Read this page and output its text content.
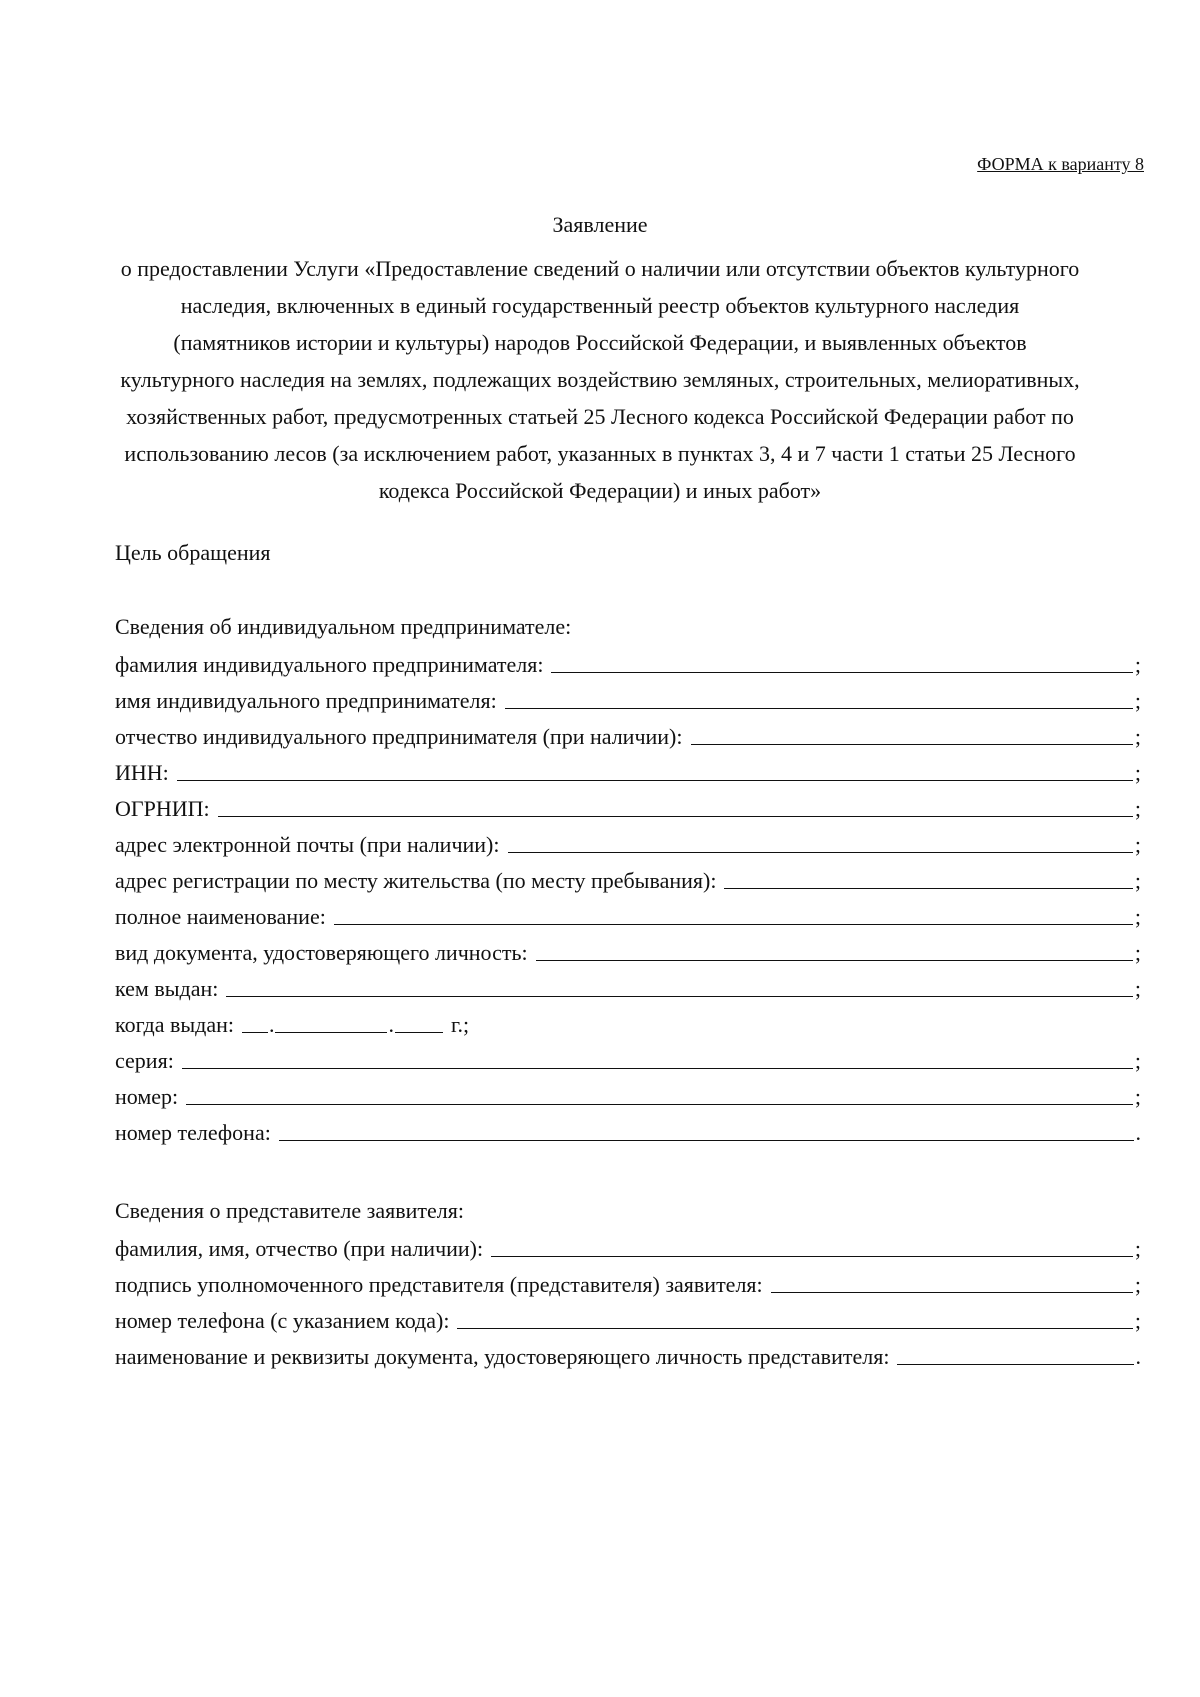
ФОРМА к варианту 8
Заявление

о предоставлении Услуги «Предоставление сведений о наличии или отсутствии объектов культурного наследия, включенных в единый государственный реестр объектов культурного наследия (памятников истории и культуры) народов Российской Федерации, и выявленных объектов культурного наследия на землях, подлежащих воздействию земляных, строительных, мелиоративных, хозяйственных работ, предусмотренных статьей 25 Лесного кодекса Российской Федерации работ по использованию лесов (за исключением работ, указанных в пунктах 3, 4 и 7 части 1 статьи 25 Лесного кодекса Российской Федерации) и иных работ»

Цель обращения
Сведения об индивидуальном предпринимателе:
фамилия индивидуального предпринимателя:	;
имя индивидуального предпринимателя:	;
отчество индивидуального предпринимателя (при наличии):	;
ИНН:	;
ОГРНИП:	;
адрес электронной почты (при наличии):	;
адрес регистрации по месту жительства (по месту пребывания):	;
полное наименование:	;
вид документа, удостоверяющего личность:	;
кем выдан:	;
когда выдан:	.	.	г.;
серия:	;
номер:	;
номер телефона:	.
Сведения о представителе заявителя:
фамилия, имя, отчество (при наличии):	;
подпись уполномоченного представителя (представителя) заявителя:	;
номер телефона (с указанием кода):	;
наименование и реквизиты документа, удостоверяющего личность представителя:	.
